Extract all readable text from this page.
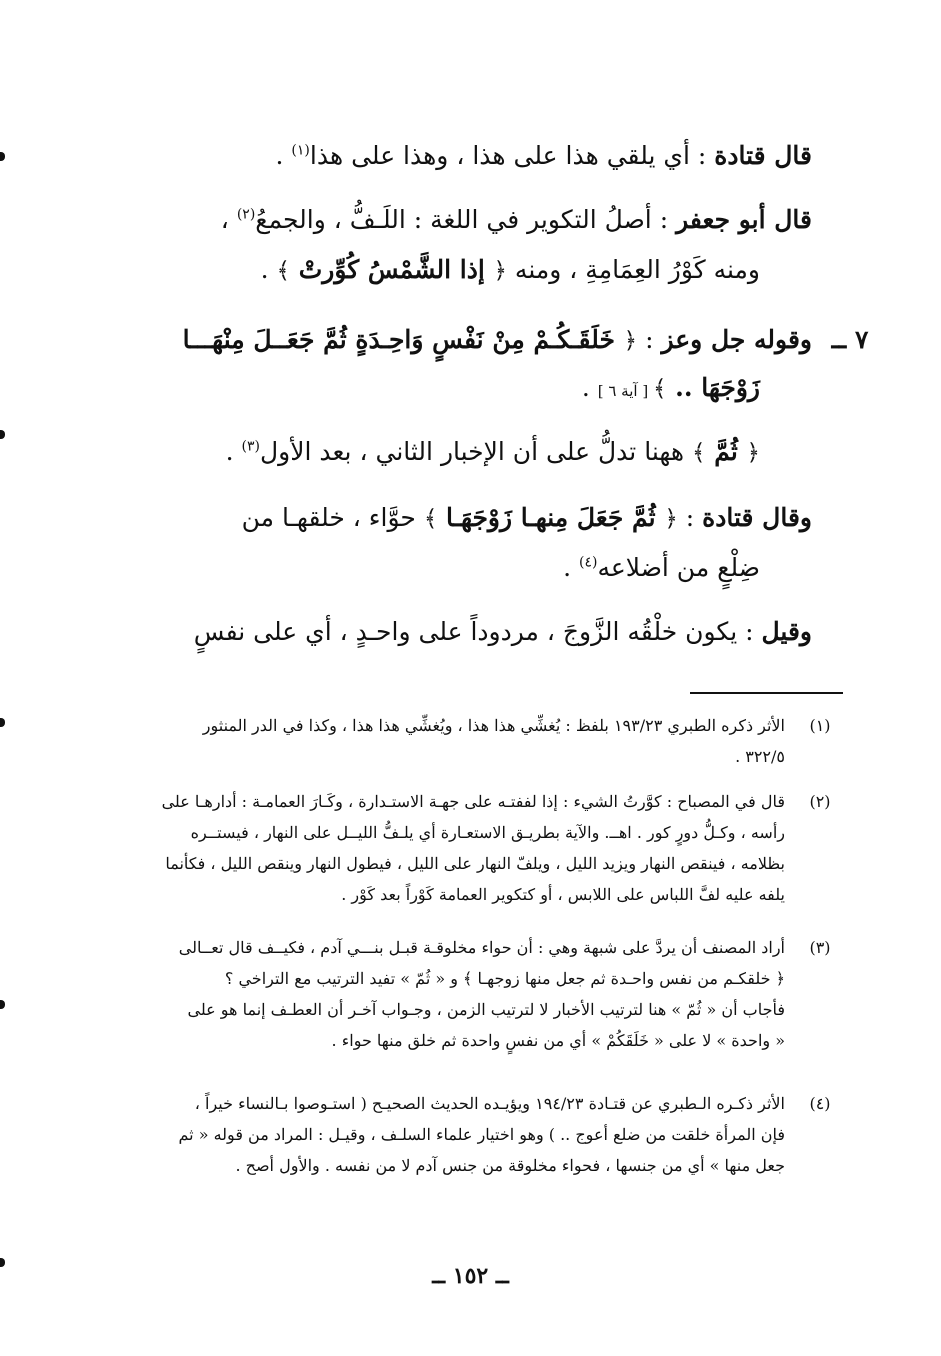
قال قتادة : أي يلقي هذا على هذا ، وهذا على هذا$^{(١)}$ .
قال أبو جعفر : أصلُ التكوير في اللغة : اللَـفُّ ، والجمعُ$^{(٢)}$ ،
ومنه كَوْرُ العِمَامِةِ ، ومنه ﴿ إذا الشَّمْسُ كُوِّرتْ ﴾ .
٧ ــ
وقوله جل وعز : ﴿ خَلَقَـكُـمْ مِنْ نَفْسٍ وَاحِـدَةٍ ثُمَّ جَعَــلَ مِنْهَـــا
زَوْجَهَا .. ﴾ [ آية ٦ ] .
﴿ ثُمَّ ﴾ ههنا تدلُّ على أن الإخبار الثاني ، بعد الأول$^{(٣)}$ .
وقال قتادة : ﴿ ثُمَّ جَعَلَ مِنهـا زَوْجَهَـا ﴾ حوَّاء ، خلقهـا من
ضِلْعٍ من أضلاعه$^{(٤)}$ .
وقيل : يكون خلْقُه الزَّوجَ ، مردوداً على واحـدٍ ، أي على نفسٍ
(١)
الأثر ذكره الطبري ١٩٣/٢٣ بلفظ : يُغشِّي هذا هذا ، ويُغشِّي هذا هذا ، وكذا في الدر المنثور
٣٢٢/٥ .
(٢)
قال في المصباح : كوَّرتُ الشيء : إذا لففتـه على جهـة الاستـدارة ، وكَـارَ العمامـة : أدارهـا على
رأسه ، وكـلُّ دورٍ كور . اهــ. والآية بطريـق الاستعـارة أي يلـفُّ الليــل على النهار ، فيستــره
بظلامه ، فينقص النهار ويزيد الليل ، ويلفّ النهار على الليل ، فيطول النهار وينقص الليل ، فكأنما
يلفه عليه لفَّ اللباس على اللابس ، أو كتكوير العمامة كَوْراً بعد كَوْر .
(٣)
أراد المصنف أن يردَّ على شبهة وهي : أن حواء مخلوقـة قبـل بنـــي آدم ، فكيــف قال تعــالى
﴿ خلقكـم من نفس واحـدة ثم جعل منها زوجهـا ﴾ و « ثُمّ » تفيد الترتيب مع التراخي ؟
فأجاب أن « ثُمّ » هنا لترتيب الأخبار لا لترتيب الزمن ، وجـواب آخـر أن العطـف إنما هو على
« واحدة » لا على « خَلَقَكُمْ » أي من نفسٍ واحدة ثم خلق منها حواء .
(٤)
الأثر ذكـره الـطبري عن قتـادة ١٩٤/٢٣ ويؤيـده الحديث الصحيـح ( استـوصوا بـالنساء خيراً ،
فإن المرأة خلقت من ضلع أعوج .. ) وهو اختيار علماء السلـف ، وقيـل : المراد من قوله « ثم
جعل منها » أي من جنسها ، فحواء مخلوقة من جنس آدم لا من نفسه . والأول أصح .
ــ ١٥٢ ــ
